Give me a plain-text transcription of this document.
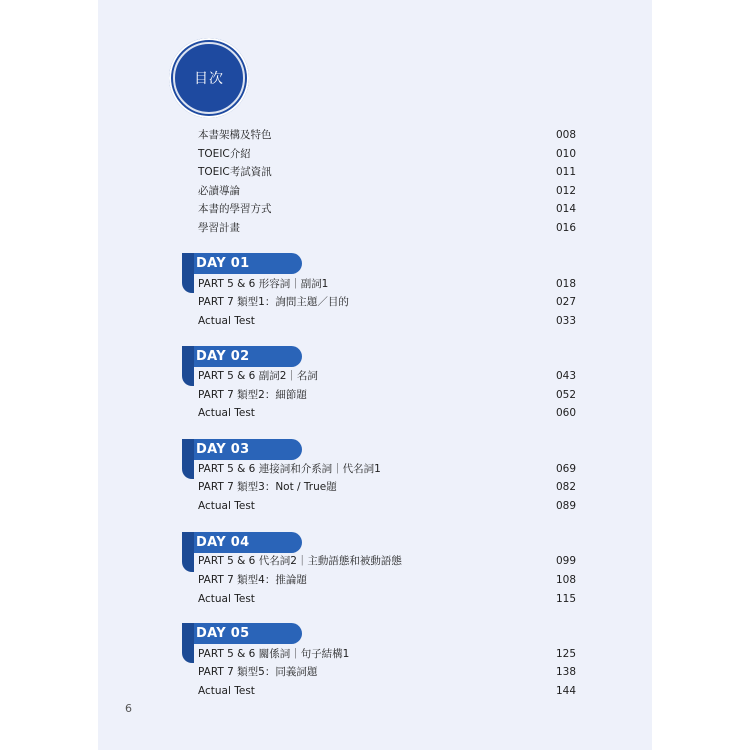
目次
本書架構及特色	008
TOEIC介紹	010
TOEIC考試資訊	011
必讀導論	012
本書的學習方式	014
學習計畫	016
DAY 01
PART 5 & 6 形容詞｜副詞1	018
PART 7 類型1：詢問主題／目的	027
Actual Test	033
DAY 02
PART 5 & 6 副詞2｜名詞	043
PART 7 類型2：細節題	052
Actual Test	060
DAY 03
PART 5 & 6 連接詞和介系詞｜代名詞1	069
PART 7 類型3：Not / True題	082
Actual Test	089
DAY 04
PART 5 & 6 代名詞2｜主動語態和被動語態	099
PART 7 類型4：推論題	108
Actual Test	115
DAY 05
PART 5 & 6 關係詞｜句子結構1	125
PART 7 類型5：同義詞題	138
Actual Test	144
6
